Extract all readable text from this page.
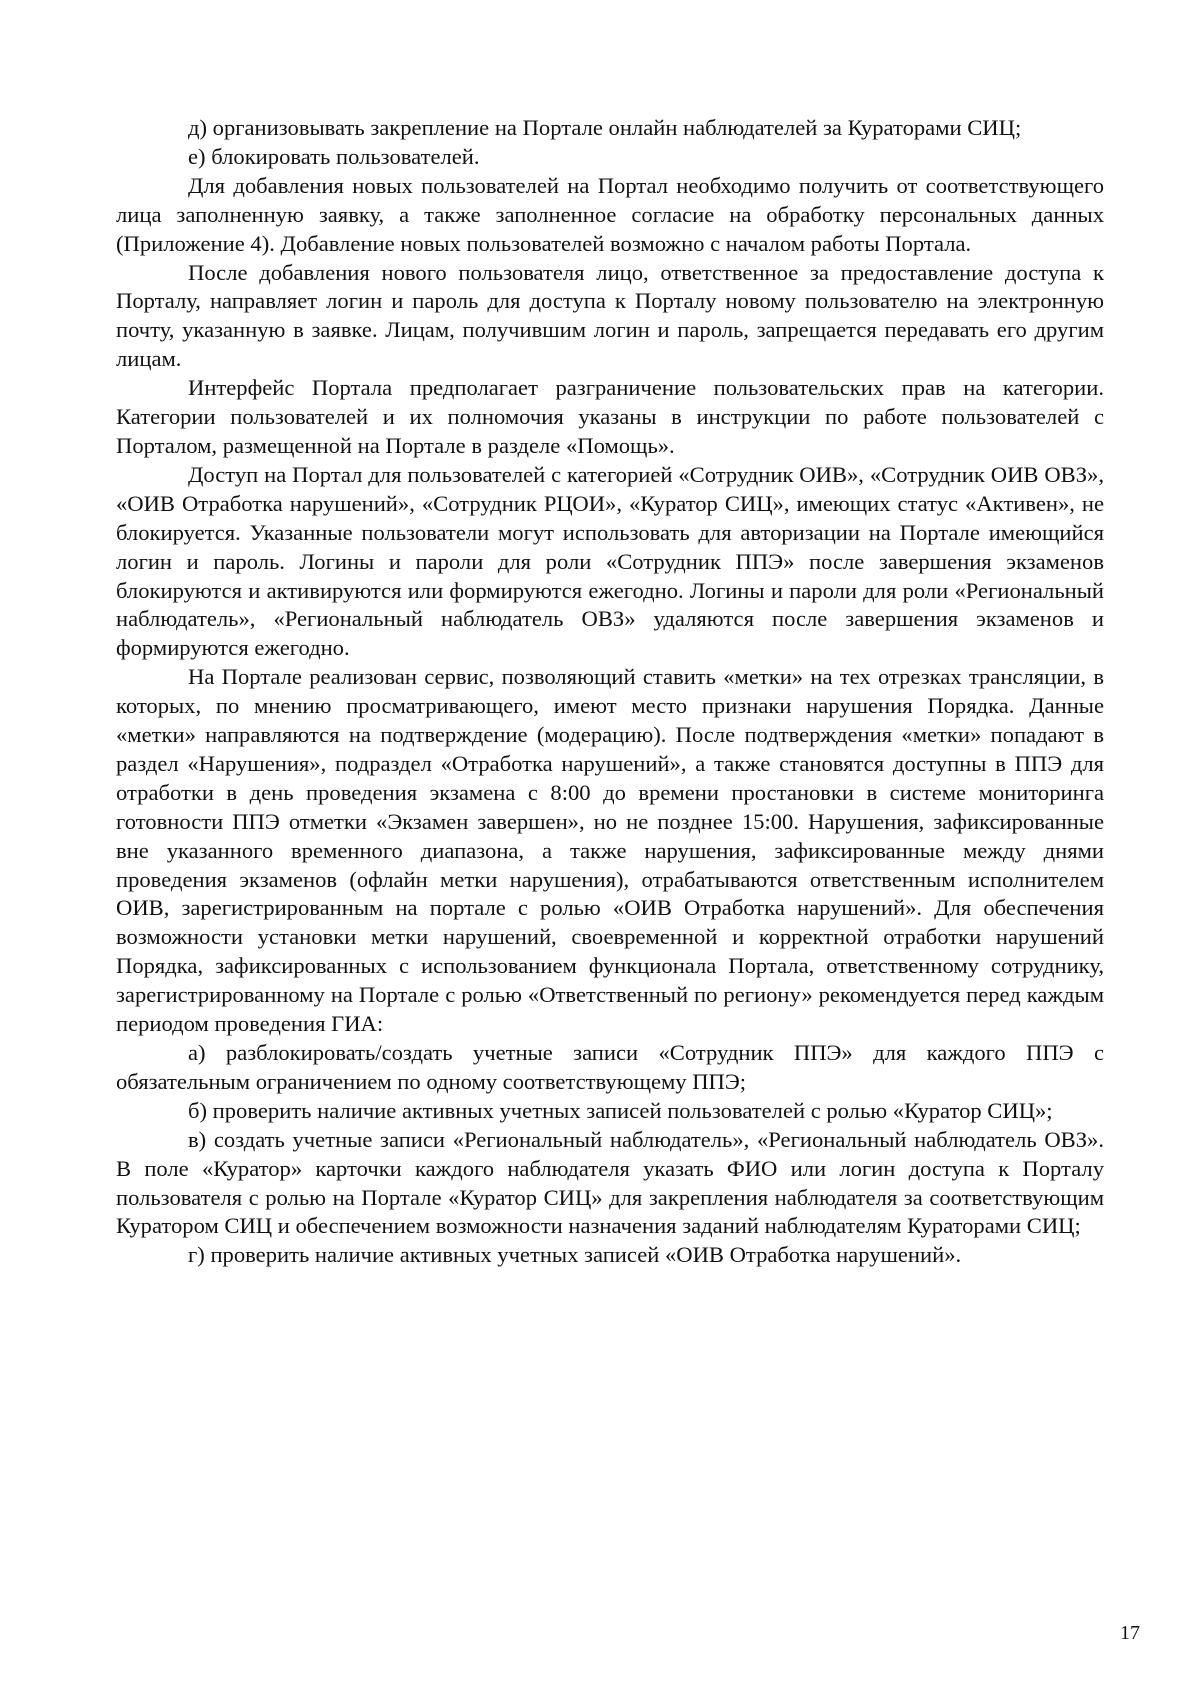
д) организовывать закрепление на Портале онлайн наблюдателей за Кураторами СИЦ;

е) блокировать пользователей.

Для добавления новых пользователей на Портал необходимо получить от соответствующего лица заполненную заявку, а также заполненное согласие на обработку персональных данных (Приложение 4). Добавление новых пользователей возможно с началом работы Портала.

После добавления нового пользователя лицо, ответственное за предоставление доступа к Порталу, направляет логин и пароль для доступа к Порталу новому пользователю на электронную почту, указанную в заявке. Лицам, получившим логин и пароль, запрещается передавать его другим лицам.

Интерфейс Портала предполагает разграничение пользовательских прав на категории. Категории пользователей и их полномочия указаны в инструкции по работе пользователей с Порталом, размещенной на Портале в разделе «Помощь».

Доступ на Портал для пользователей с категорией «Сотрудник ОИВ», «Сотрудник ОИВ ОВЗ», «ОИВ Отработка нарушений», «Сотрудник РЦОИ», «Куратор СИЦ», имеющих статус «Активен», не блокируется. Указанные пользователи могут использовать для авторизации на Портале имеющийся логин и пароль. Логины и пароли для роли «Сотрудник ППЭ» после завершения экзаменов блокируются и активируются или формируются ежегодно. Логины и пароли для роли «Региональный наблюдатель», «Региональный наблюдатель ОВЗ» удаляются после завершения экзаменов и формируются ежегодно.

На Портале реализован сервис, позволяющий ставить «метки» на тех отрезках трансляции, в которых, по мнению просматривающего, имеют место признаки нарушения Порядка. Данные «метки» направляются на подтверждение (модерацию). После подтверждения «метки» попадают в раздел «Нарушения», подраздел «Отработка нарушений», а также становятся доступны в ППЭ для отработки в день проведения экзамена с 8:00 до времени простановки в системе мониторинга готовности ППЭ отметки «Экзамен завершен», но не позднее 15:00. Нарушения, зафиксированные вне указанного временного диапазона, а также нарушения, зафиксированные между днями проведения экзаменов (офлайн метки нарушения), отрабатываются ответственным исполнителем ОИВ, зарегистрированным на портале с ролью «ОИВ Отработка нарушений». Для обеспечения возможности установки метки нарушений, своевременной и корректной отработки нарушений Порядка, зафиксированных с использованием функционала Портала, ответственному сотруднику, зарегистрированному на Портале с ролью «Ответственный по региону» рекомендуется перед каждым периодом проведения ГИА:

а) разблокировать/создать учетные записи «Сотрудник ППЭ» для каждого ППЭ с обязательным ограничением по одному соответствующему ППЭ;

б) проверить наличие активных учетных записей пользователей с ролью «Куратор СИЦ»;

в) создать учетные записи «Региональный наблюдатель», «Региональный наблюдатель ОВЗ». В поле «Куратор» карточки каждого наблюдателя указать ФИО или логин доступа к Порталу пользователя с ролью на Портале «Куратор СИЦ» для закрепления наблюдателя за соответствующим Куратором СИЦ и обеспечением возможности назначения заданий наблюдателям Кураторами СИЦ;

г) проверить наличие активных учетных записей «ОИВ Отработка нарушений».

17
